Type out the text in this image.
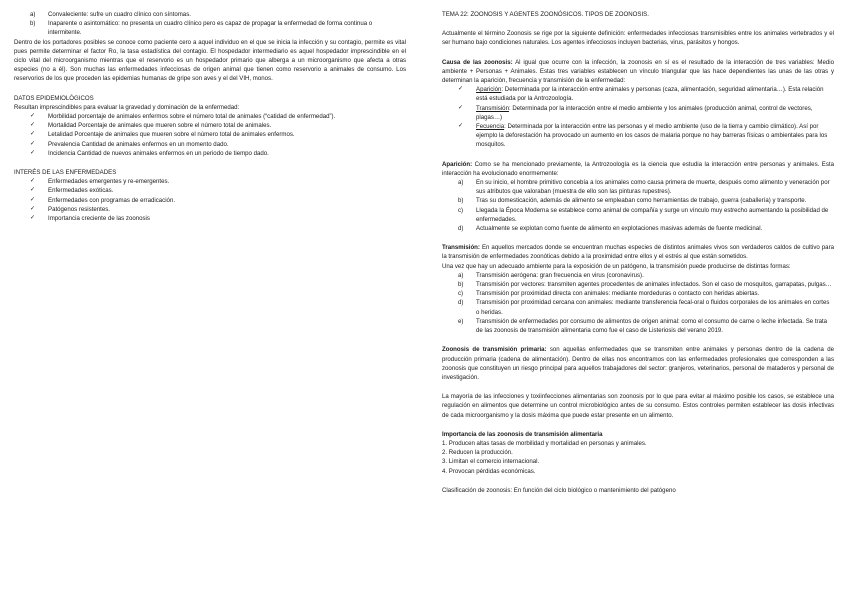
a) Convaleciente: sufre un cuadro clínico con síntomas.
b) Inaparente o asintomático: no presenta un cuadro clínico pero es capaz de propagar la enfermedad de forma continua o intermitente.

Dentro de los portadores posibles se conoce como paciente cero a aquel individuo en el que se inicia la infección y su contagio, permite es vital pues permite determinar el factor Ro, la tasa estadística del contagio. El hospedador intermediario es aquel hospedador imprescindible en el ciclo vital del microorganismo mientras que el reservorio es un hospedador primario que alberga a un microorganismo que afecta a otras especies (no a él). Son muchas las enfermedades infecciosas de origen animal que tienen como reservorio a animales de consumo. Los reservorios de los que proceden las epidemias humanas de gripe son aves y el del VIH, monos.

DATOS EPIDEMIOLÓGICOS
Resultan imprescindibles para evaluar la gravedad y dominación de la enfermedad:
✓ Morbilidad porcentaje de animales enfermos sobre el número total de animales (“catidad de enfermedad”).
✓ Mortalidad Porcentaje de animales que mueren sobre el número total de animales.
✓ Letalidad Porcentaje de animales que mueren sobre el número total de animales enfermos.
✓ Prevalencia Cantidad de animales enfermos en un momento dado.
✓ Incidencia Cantidad de nuevos animales enfermos en un periodo de tiempo dado.
INTERÉS DE LAS ENFERMEDADES
✓ Enfermedades emergentes y re-emergentes.
✓ Enfermedades exóticas.
✓ Enfermedades con programas de erradicación.
✓ Patógenos resistentes.
✓ Importancia creciente de las zoonosis
TEMA 22: ZOONOSIS Y AGENTES ZOONÓSICOS. TIPOS DE ZOONOSIS.

Actualmente el término Zoonosis se rige por la siguiente definición: enfermedades infecciosas transmisibles entre los animales vertebrados y el ser humano bajo condiciones naturales. Los agentes infecciosos incluyen bacterias, virus, parásitos y hongos.

Causa de las zoonosis: Al igual que ocurre con la infección, la zoonosis en sí es el resultado de la interacción de tres variables: Medio ambiente + Personas + Animales. Estas tres variables establecen un vínculo triangular que las hace dependientes las unas de las otras y determinan la aparición, frecuencia y transmisión de la enfermedad:

✓ Aparición: Determinada por la interacción entre animales y personas (caza, alimentación, seguridad alimentaria…). Esta relación está estudiada por la Antrozoología.
✓ Transmisión: Determinada por la interacción entre el medio ambiente y los animales (producción animal, control de vectores, plagas…)
✓ Fecuencia: Determinada por la interacción entre las personas y el medio ambiente (uso de la tierra y cambio climático). Así por ejemplo la deforestación ha provocado un aumento en los casos de malaria porque no hay barreras físicas o ambientales para los mosquitos.

Aparición: Como se ha mencionado previamente, la Antrozoología es la ciencia que estudia la interacción entre personas y animales. Esta interacción ha evolucionado enormemente:

a) En su inicio, el hombre primitivo concebía a los animales como causa primera de muerte, después como alimento y veneración por sus atributos que valoraban (muestra de ello son las pinturas rupestres).
b) Tras su domesticación, además de alimento se empleaban como herramientas de trabajo, guerra (caballería) y transporte.
c) Llegada la Época Moderna se establece como animal de compañía y surge un vínculo muy estrecho aumentando la posibilidad de enfermedades.
d) Actualmente se explotan como fuente de alimento en explotaciones masivas además de fuente medicinal.

Transmisión: En aquellos mercados donde se encuentran muchas especies de distintos animales vivos son verdaderos caldos de cultivo para la transmisión de enfermedades zoonóticas debido a la proximidad entre ellos y el estrés al que están sometidos.

Una vez que hay un adecuado ambiente para la exposición de un patógeno, la transmisión puede producirse de distintas formas:

a) Transmisión aerógena: gran frecuencia en virus (coronavirus).
b) Transmisión por vectores: transmiten agentes procedentes de animales infectados. Son el caso de mosquitos, garrapatas, pulgas…
c) Transmisión por proximidad directa con animales: mediante mordeduras o contacto con heridas abiertas.
d) Transmisión por proximidad cercana con animales: mediante transferencia fecal-oral o fluidos corporales de los animales en cortes o heridas.
e) Transmisión de enfermedades por consumo de alimentos de origen animal: como el consumo de carne o leche infectada. Se trata de las zoonosis de transmisión alimentaria como fue el caso de Listeriosis del verano 2019.

Zoonosis de transmisión primaria: son aquellas enfermedades que se transmiten entre animales y personas dentro de la cadena de producción primaria (cadena de alimentación). Dentro de ellas nos encontramos con las enfermedades profesionales que corresponden a las zoonosis que constituyen un riesgo principal para aquellos trabajadores del sector: granjeros, veterinarios, personal de mataderos y personal de investigación.

La mayoría de las infecciones y toxiinfecciones alimentarias son zoonosis por lo que para evitar al máximo posible los casos, se establece una regulación en alimentos que determine un control microbiológico antes de su consumo. Estos controles permiten establecer las dosis infectivas de cada microorganismo y la dosis máxima que puede estar presente en un alimento.

Importancia de las zoonosis de transmisión alimentaria
1. Producen altas tasas de morbilidad y mortalidad en personas y animales.
2. Reducen la producción.
3. Limitan el comercio internacional.
4. Provocan pérdidas económicas.
Clasificación de zoonosis: En función del ciclo biológico o mantenimiento del patógeno
